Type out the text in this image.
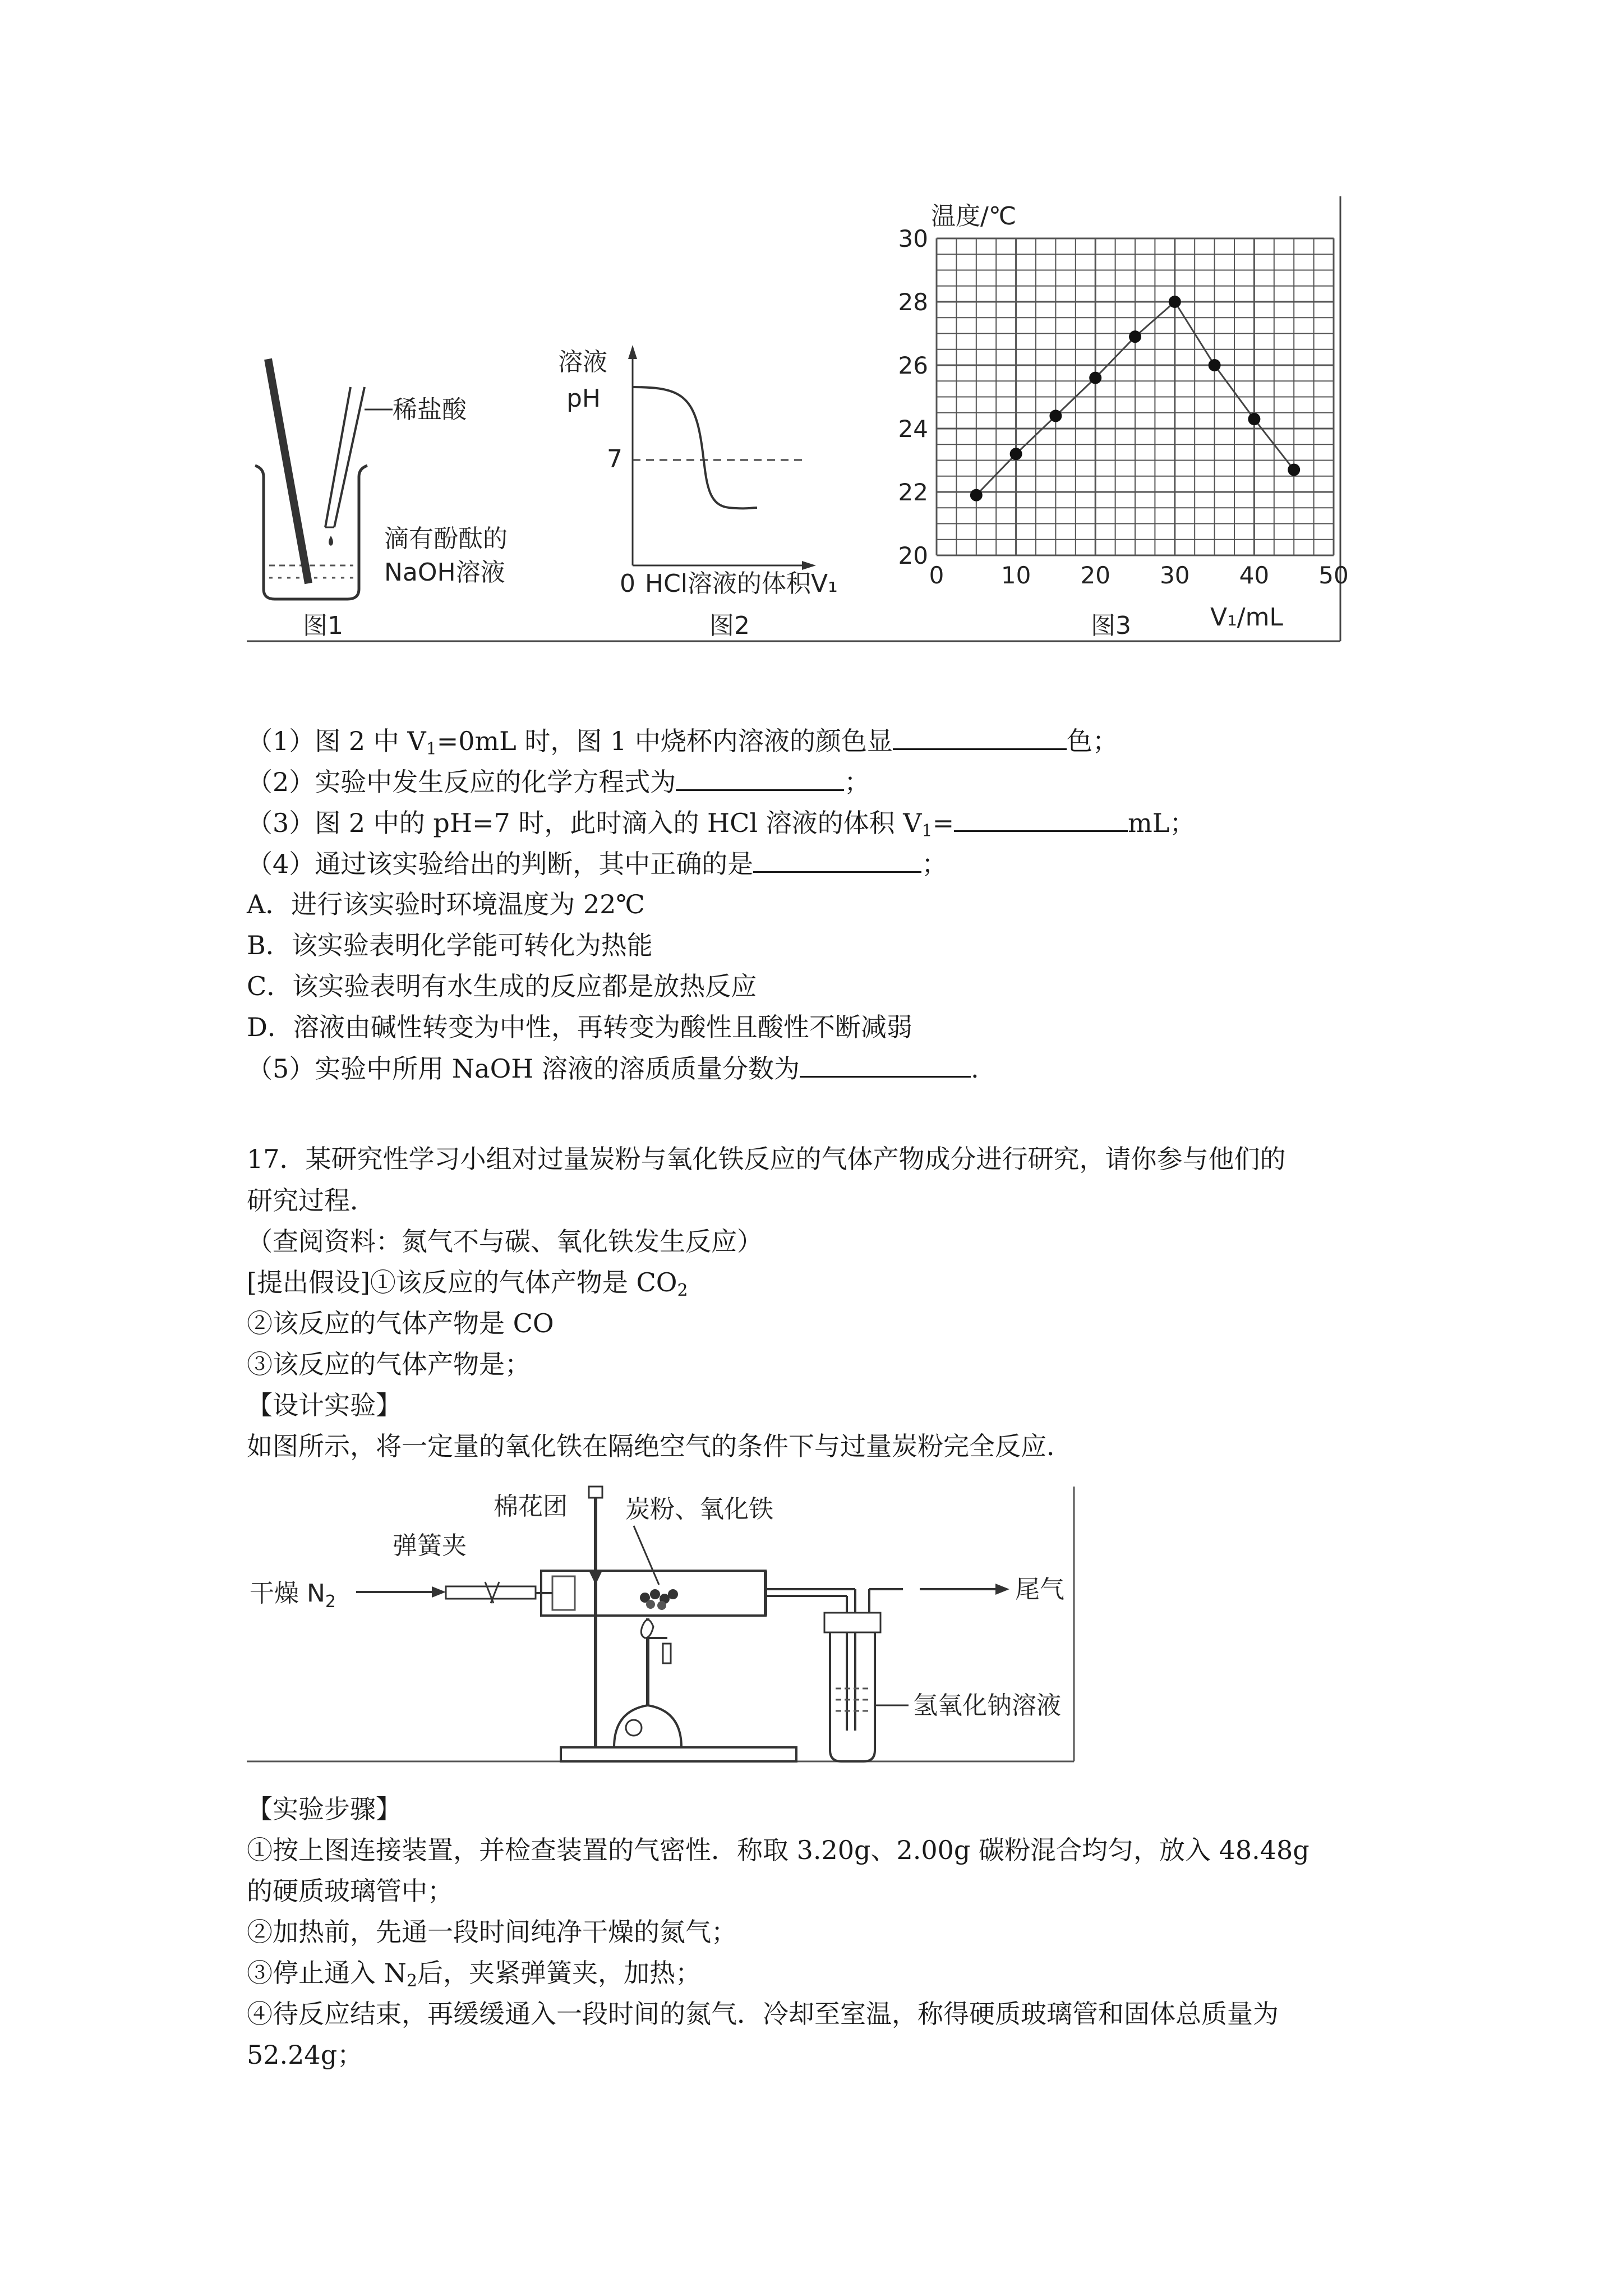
稀盐酸
滴有酚酞的
NaOH溶液
图1
溶液
pH
7
0 HCl溶液的体积V₁
图2
温度/℃
20
22
24
26
28
30
0 10 20 30 40 50
V₁/mL
图3
（1）图 2 中 $V_1=0mL$ 时，图 1 中烧杯内溶液的颜色显	色；
（2）实验中发生反应的化学方程式为	；
（3）图 2 中的 pH=7 时，此时滴入的 HCl 溶液的体积 $V_1=$	mL；
（4）通过该实验给出的判断，其中正确的是	；
A．进行该实验时环境温度为 22℃
B．该实验表明化学能可转化为热能
C．该实验表明有水生成的反应都是放热反应
D．溶液由碱性转变为中性，再转变为酸性且酸性不断减弱
（5）实验中所用 NaOH 溶液的溶质质量分数为	.
17．某研究性学习小组对过量炭粉与氧化铁反应的气体产物成分进行研究，请你参与他们的
研究过程．
（查阅资料：氮气不与碳、氧化铁发生反应）
[提出假设]①该反应的气体产物是 $CO_2$
②该反应的气体产物是 CO
③该反应的气体产物是；
【设计实验】
如图所示，将一定量的氧化铁在隔绝空气的条件下与过量炭粉完全反应．
干燥 $N_2$
弹簧夹
棉花团 炭粉、氧化铁
氢氧化钠溶液
尾气
【实验步骤】
①按上图连接装置，并检查装置的气密性．称取 3.20g、2.00g 碳粉混合均匀，放入 48.48g
的硬质玻璃管中；
②加热前，先通一段时间纯净干燥的氮气；
③停止通入 $N_2$后，夹紧弹簧夹，加热；
④待反应结束，再缓缓通入一段时间的氮气．冷却至室温，称得硬质玻璃管和固体总质量为
52.24g；
